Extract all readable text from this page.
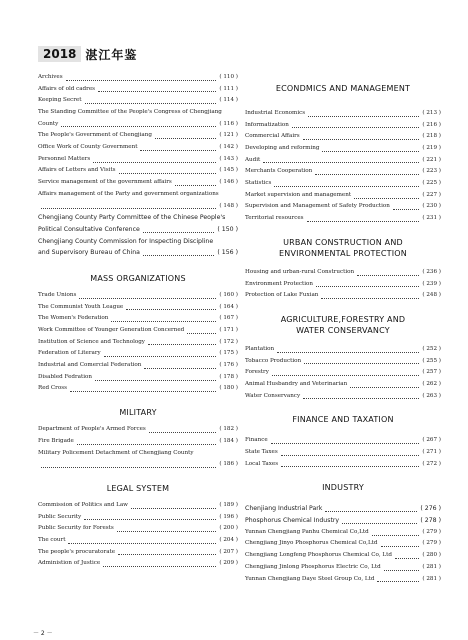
2018 湛江年鉴
Archives	( 110 )
Affairs of old cadres	( 111 )
Keeping Secret	( 114 )
The Standing Committee of the People's Congress of Chengjiang
County	( 116 )
The People's Government of Chengjiang	( 121 )
Office Work of County Government	( 142 )
Personnel Matters	( 143 )
Affairs of Letters and Visits	( 145 )
Service management of the government affairs	( 146 )
Affairs management of the Party and government organizations
( 148 )
Chengjiang County Party Committee of the Chinese People's
Political Consultative Conference	( 150 )
Chengjiang County Commission for Inspecting Discipline
and Supervisory Bureau of China	( 156 )
MASS ORGANIZATIONS
Trade Unions	( 160 )
The Communist Youth League	( 164 )
The Women's Federation	( 167 )
Work Committee of Younger Generation Concerned	( 171 )
Institution of Science and Technology	( 172 )
Federation of Literary	( 175 )
Industrial and Comercial Federation	( 176 )
Disabled Fedration	( 178 )
Red Cross	( 180 )
MILITARY
Department of People's Armed Forces	( 182 )
Fire Brigade	( 184 )
Military Policement Detachment of Chengjiang County
( 186 )
LEGAL SYSTEM
Commission of Politics and Law	( 189 )
Public Security	( 196 )
Public Security for Forests	( 200 )
The court	( 204 )
The people's procuratorate	( 207 )
Administion of Justice	( 209 )
ECONDMICS AND MANAGEMENT
Industrial Economics	( 213 )
Informatization	( 216 )
Commercial Affairs	( 218 )
Developing and reforming	( 219 )
Audit	( 221 )
Merchants Cooperation	( 223 )
Statistics	( 225 )
Market supervision and management	( 227 )
Supervision and Management of Safety Production	( 230 )
Territorial resources	( 231 )
URBAN CONSTRUCTION AND
ENVIRONMENTAL PROTECTION
Housing and urban-rural Construction	( 236 )
Environment Protection	( 239 )
Protection of Lake Fuxian	( 248 )
AGRICULTURE,FORESTRY AND
WATER CONSERVANCY
Plantation	( 252 )
Tobacco Production	( 255 )
Forestry	( 257 )
Animal Husbandry and Veterinarian	( 262 )
Water Conservancy	( 263 )
FINANCE AND TAXATION
Finance	( 267 )
State Taxes	( 271 )
Local Taxes	( 272 )
INDUSTRY
Chenjiang Industrial Park	( 276 )
Phosphorus Chemical Industry	( 278 )
Yunnan Chengjiang Panhu Chemical Co,Ltd	( 279 )
Chengjiang Jinyo Phosphorus Chemical Co,Ltd	( 279 )
Chengjiang Longfeng Phosphorus Chemical Co, Ltd	( 280 )
Chengjiang Jinlong Phosphorus Electric Co, Ltd	( 281 )
Yunnan Chengjiang Daye Steel Group Co, Ltd	( 281 )
－ 2 －
